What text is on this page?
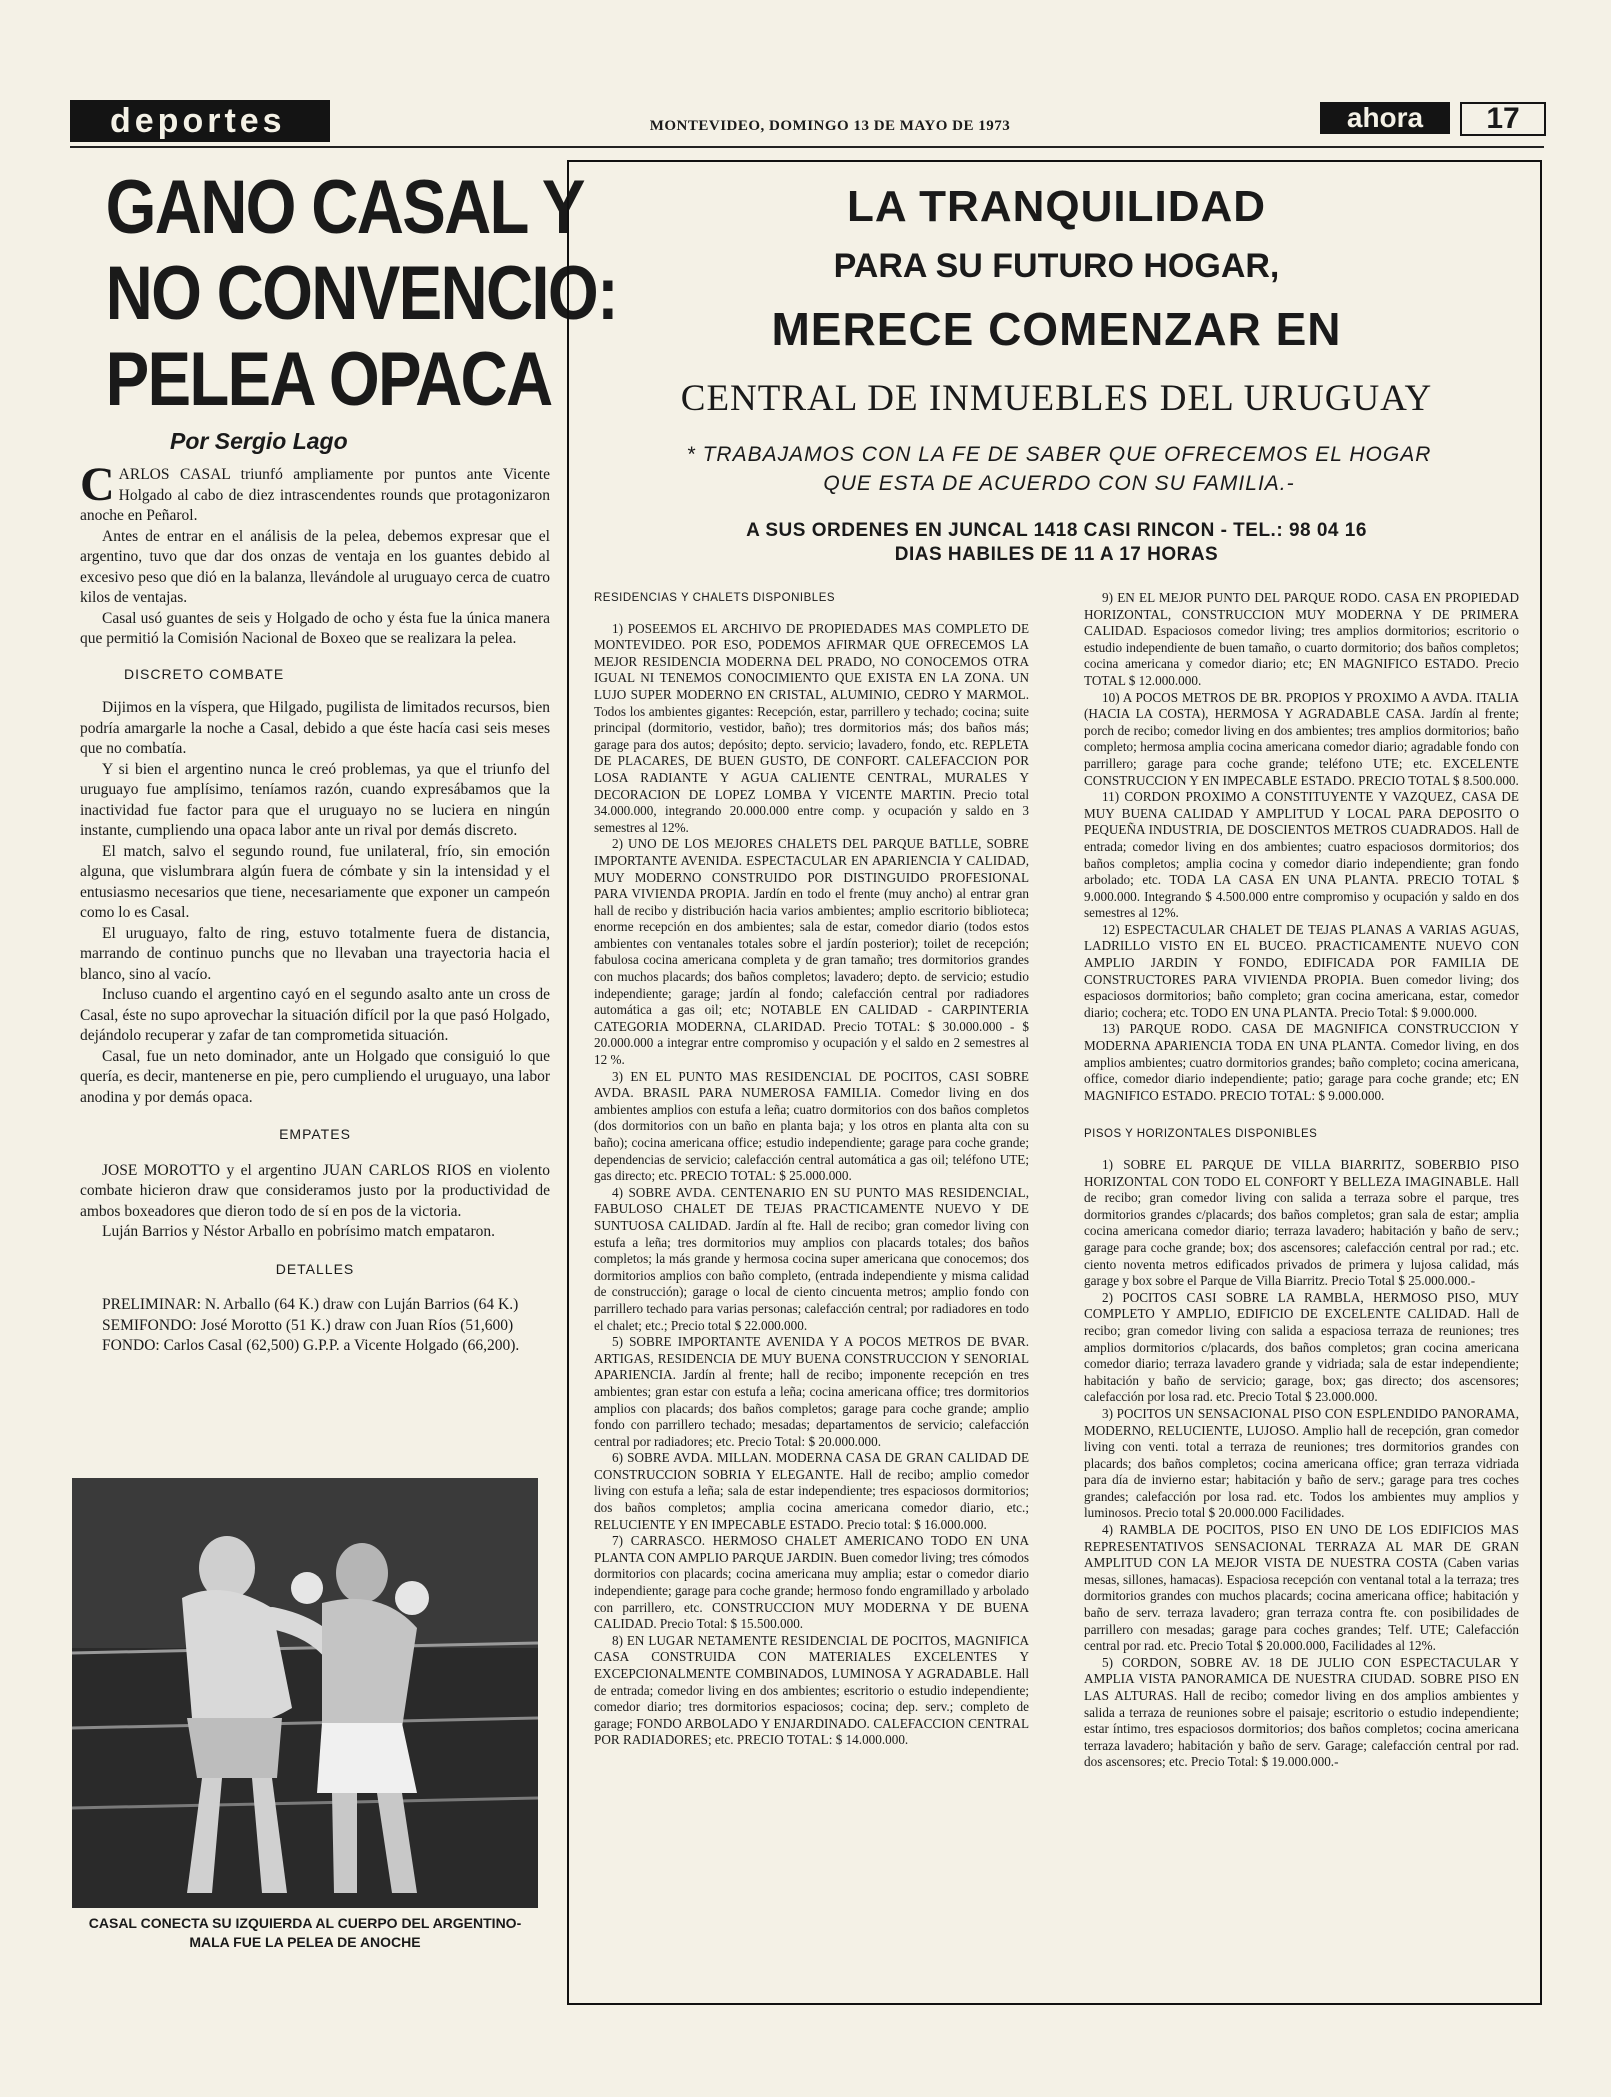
deportes	MONTEVIDEO, DOMINGO 13 DE MAYO DE 1973	ahora	17
GANO CASAL Y
NO CONVENCIO:
PELEA OPACA
Por Sergio Lago

CARLOS CASAL triunfó ampliamente por puntos ante Vicente Holgado al cabo de diez intrascendentes rounds que protagonizaron anoche en Peñarol.

Antes de entrar en el análisis de la pelea, debemos expresar que el argentino, tuvo que dar dos onzas de ventaja en los guantes debido al excesivo peso que dió en la balanza, llevándole al uruguayo cerca de cuatro kilos de ventajas.

Casal usó guantes de seis y Holgado de ocho y ésta fue la única manera que permitió la Comisión Nacional de Boxeo que se realizara la pelea.

DISCRETO COMBATE

Dijimos en la víspera, que Hilgado, pugilista de limitados recursos, bien podría amargarle la noche a Casal, debido a que éste hacía casi seis meses que no combatía.

Y si bien el argentino nunca le creó problemas, ya que el triunfo del uruguayo fue amplísimo, teníamos razón, cuando expresábamos que la inactividad fue factor para que el uruguayo no se luciera en ningún instante, cumpliendo una opaca labor ante un rival por demás discreto.

El match, salvo el segundo round, fue unilateral, frío, sin emoción alguna, que vislumbrara algún fuera de cómbate y sin la intensidad y el entusiasmo necesarios que tiene, necesariamente que exponer un campeón como lo es Casal.

El uruguayo, falto de ring, estuvo totalmente fuera de distancia, marrando de continuo punchs que no llevaban una trayectoria hacia el blanco, sino al vacío.

Incluso cuando el argentino cayó en el segundo asalto ante un cross de Casal, éste no supo aprovechar la situación difícil por la que pasó Holgado, dejándolo recuperar y zafar de tan comprometida situación.

Casal, fue un neto dominador, ante un Holgado que consiguió lo que quería, es decir, mantenerse en pie, pero cumpliendo el uruguayo, una labor anodina y por demás opaca.

EMPATES

JOSE MOROTTO y el argentino JUAN CARLOS RIOS en violento combate hicieron draw que consideramos justo por la productividad de ambos boxeadores que dieron todo de sí en pos de la victoria.

Luján Barrios y Néstor Arballo en pobrísimo match empataron.

DETALLES

PRELIMINAR: N. Arballo (64 K.) draw con Luján Barrios (64 K.)

SEMIFONDO: José Morotto (51 K.) draw con Juan Ríos (51,600)

FONDO: Carlos Casal (62,500) G.P.P. a Vicente Holgado (66,200).

CASAL CONECTA SU IZQUIERDA AL CUERPO DEL ARGENTINO- MALA FUE LA PELEA DE ANOCHE
LA TRANQUILIDAD
PARA SU FUTURO HOGAR,
MERECE COMENZAR EN
CENTRAL DE INMUEBLES DEL URUGUAY
* TRABAJAMOS CON LA FE DE SABER QUE OFRECEMOS EL HOGAR
QUE ESTA DE ACUERDO CON SU FAMILIA.-
A SUS ORDENES EN JUNCAL 1418 CASI RINCON - TEL.: 98 04 16
DIAS HABILES DE 11 A 17 HORAS

RESIDENCIAS Y CHALETS DISPONIBLES

1) POSEEMOS EL ARCHIVO DE PROPIEDADES MAS COMPLETO DE MONTEVIDEO. POR ESO, PODEMOS AFIRMAR QUE OFRECEMOS LA MEJOR RESIDENCIA MODERNA DEL PRADO, NO CONOCEMOS OTRA IGUAL NI TENEMOS CONOCIMIENTO QUE EXISTA EN LA ZONA. UN LUJO SUPER MODERNO EN CRISTAL, ALUMINIO, CEDRO Y MARMOL. Todos los ambientes gigantes: Recepción, estar, parrillero y techado; cocina; suite principal (dormitorio, vestidor, baño); tres dormitorios más; dos baños más; garage para dos autos; depósito; depto. servicio; lavadero, fondo, etc. REPLETA DE PLACARES, DE BUEN GUSTO, DE CONFORT. CALEFACCION POR LOSA RADIANTE Y AGUA CALIENTE CENTRAL, MURALES Y DECORACION DE LOPEZ LOMBA Y VICENTE MARTIN. Precio total 34.000.000, integrando 20.000.000 entre comp. y ocupación y saldo en 3 semestres al 12%.

2) UNO DE LOS MEJORES CHALETS DEL PARQUE BATLLE, SOBRE IMPORTANTE AVENIDA. ESPECTACULAR EN APARIENCIA Y CALIDAD, MUY MODERNO CONSTRUIDO POR DISTINGUIDO PROFESIONAL PARA VIVIENDA PROPIA. Jardín en todo el frente (muy ancho) al entrar gran hall de recibo y distribución hacia varios ambientes; amplio escritorio biblioteca; enorme recepción en dos ambientes; sala de estar, comedor diario (todos estos ambientes con ventanales totales sobre el jardín posterior); toilet de recepción; fabulosa cocina americana completa y de gran tamaño; tres dormitorios grandes con muchos placards; dos baños completos; lavadero; depto. de servicio; estudio independiente; garage; jardín al fondo; calefacción central por radiadores automática a gas oil; etc; NOTABLE EN CALIDAD - CARPINTERIA CATEGORIA MODERNA, CLARIDAD. Precio TOTAL: $ 30.000.000 - $ 20.000.000 a integrar entre compromiso y ocupación y el saldo en 2 semestres al 12 %.

3) EN EL PUNTO MAS RESIDENCIAL DE POCITOS, CASI SOBRE AVDA. BRASIL PARA NUMEROSA FAMILIA. Comedor living en dos ambientes amplios con estufa a leña; cuatro dormitorios con dos baños completos (dos dormitorios con un baño en planta baja; y los otros en planta alta con su baño); cocina americana office; estudio independiente; garage para coche grande; dependencias de servicio; calefacción central automática a gas oil; teléfono UTE; gas directo; etc. PRECIO TOTAL: $ 25.000.000.

4) SOBRE AVDA. CENTENARIO EN SU PUNTO MAS RESIDENCIAL, FABULOSO CHALET DE TEJAS PRACTICAMENTE NUEVO Y DE SUNTUOSA CALIDAD. Jardín al fte. Hall de recibo; gran comedor living con estufa a leña; tres dormitorios muy amplios con placards totales; dos baños completos; la más grande y hermosa cocina super americana que conocemos; dos dormitorios amplios con baño completo, (entrada independiente y misma calidad de construcción); garage o local de ciento cincuenta metros; amplio fondo con parrillero techado para varias personas; calefacción central; por radiadores en todo el chalet; etc.; Precio total $ 22.000.000.

5) SOBRE IMPORTANTE AVENIDA Y A POCOS METROS DE BVAR. ARTIGAS, RESIDENCIA DE MUY BUENA CONSTRUCCION Y SENORIAL APARIENCIA. Jardín al frente; hall de recibo; imponente recepción en tres ambientes; gran estar con estufa a leña; cocina americana office; tres dormitorios amplios con placards; dos baños completos; garage para coche grande; amplio fondo con parrillero techado; mesadas; departamentos de servicio; calefacción central por radiadores; etc. Precio Total: $ 20.000.000.

6) SOBRE AVDA. MILLAN. MODERNA CASA DE GRAN CALIDAD DE CONSTRUCCION SOBRIA Y ELEGANTE. Hall de recibo; amplio comedor living con estufa a leña; sala de estar independiente; tres espaciosos dormitorios; dos baños completos; amplia cocina americana comedor diario, etc.; RELUCIENTE Y EN IMPECABLE ESTADO. Precio total: $ 16.000.000.

7) CARRASCO. HERMOSO CHALET AMERICANO TODO EN UNA PLANTA CON AMPLIO PARQUE JARDIN. Buen comedor living; tres cómodos dormitorios con placards; cocina americana muy amplia; estar o comedor diario independiente; garage para coche grande; hermoso fondo engramillado y arbolado con parrillero, etc. CONSTRUCCION MUY MODERNA Y DE BUENA CALIDAD. Precio Total: $ 15.500.000.

8) EN LUGAR NETAMENTE RESIDENCIAL DE POCITOS, MAGNIFICA CASA CONSTRUIDA CON MATERIALES EXCELENTES Y EXCEPCIONALMENTE COMBINADOS, LUMINOSA Y AGRADABLE. Hall de entrada; comedor living en dos ambientes; escritorio o estudio independiente; comedor diario; tres dormitorios espaciosos; cocina; dep. serv.; completo de garage; FONDO ARBOLADO Y ENJARDINADO. CALEFACCION CENTRAL POR RADIADORES; etc. PRECIO TOTAL: $ 14.000.000.

9) EN EL MEJOR PUNTO DEL PARQUE RODO. CASA EN PROPIEDAD HORIZONTAL, CONSTRUCCION MUY MODERNA Y DE PRIMERA CALIDAD. Espaciosos comedor living; tres amplios dormitorios; escritorio o estudio independiente de buen tamaño, o cuarto dormitorio; dos baños completos; cocina americana y comedor diario; etc; EN MAGNIFICO ESTADO. Precio TOTAL $ 12.000.000.

10) A POCOS METROS DE BR. PROPIOS Y PROXIMO A AVDA. ITALIA (HACIA LA COSTA), HERMOSA Y AGRADABLE CASA. Jardín al frente; porch de recibo; comedor living en dos ambientes; tres amplios dormitorios; baño completo; hermosa amplia cocina americana comedor diario; agradable fondo con parrillero; garage para coche grande; teléfono UTE; etc. EXCELENTE CONSTRUCCION Y EN IMPECABLE ESTADO. PRECIO TOTAL $ 8.500.000.

11) CORDON PROXIMO A CONSTITUYENTE Y VAZQUEZ, CASA DE MUY BUENA CALIDAD Y AMPLITUD Y LOCAL PARA DEPOSITO O PEQUEÑA INDUSTRIA, DE DOSCIENTOS METROS CUADRADOS. Hall de entrada; comedor living en dos ambientes; cuatro espaciosos dormitorios; dos baños completos; amplia cocina y comedor diario independiente; gran fondo arbolado; etc. TODA LA CASA EN UNA PLANTA. PRECIO TOTAL $ 9.000.000. Integrando $ 4.500.000 entre compromiso y ocupación y saldo en dos semestres al 12%.

12) ESPECTACULAR CHALET DE TEJAS PLANAS A VARIAS AGUAS, LADRILLO VISTO EN EL BUCEO. PRACTICAMENTE NUEVO CON AMPLIO JARDIN Y FONDO, EDIFICADA POR FAMILIA DE CONSTRUCTORES PARA VIVIENDA PROPIA. Buen comedor living; dos espaciosos dormitorios; baño completo; gran cocina americana, estar, comedor diario; cochera; etc. TODO EN UNA PLANTA. Precio Total: $ 9.000.000.

13) PARQUE RODO. CASA DE MAGNIFICA CONSTRUCCION Y MODERNA APARIENCIA TODA EN UNA PLANTA. Comedor living, en dos amplios ambientes; cuatro dormitorios grandes; baño completo; cocina americana, office, comedor diario independiente; patio; garage para coche grande; etc; EN MAGNIFICO ESTADO. PRECIO TOTAL: $ 9.000.000.

PISOS Y HORIZONTALES DISPONIBLES

1) SOBRE EL PARQUE DE VILLA BIARRITZ, SOBERBIO PISO HORIZONTAL CON TODO EL CONFORT Y BELLEZA IMAGINABLE. Hall de recibo; gran comedor living con salida a terraza sobre el parque, tres dormitorios grandes c/placards; dos baños completos; gran sala de estar; amplia cocina americana comedor diario; terraza lavadero; habitación y baño de serv.; garage para coche grande; box; dos ascensores; calefacción central por rad.; etc. ciento noventa metros edificados privados de primera y lujosa calidad, más garage y box sobre el Parque de Villa Biarritz. Precio Total $ 25.000.000.-

2) POCITOS CASI SOBRE LA RAMBLA, HERMOSO PISO, MUY COMPLETO Y AMPLIO, EDIFICIO DE EXCELENTE CALIDAD. Hall de recibo; gran comedor living con salida a espaciosa terraza de reuniones; tres amplios dormitorios c/placards, dos baños completos; gran cocina americana comedor diario; terraza lavadero grande y vidriada; sala de estar independiente; habitación y baño de servicio; garage, box; gas directo; dos ascensores; calefacción por losa rad. etc. Precio Total $ 23.000.000.

3) POCITOS UN SENSACIONAL PISO CON ESPLENDIDO PANORAMA, MODERNO, RELUCIENTE, LUJOSO. Amplio hall de recepción, gran comedor living con venti. total a terraza de reuniones; tres dormitorios grandes con placards; dos baños completos; cocina americana office; gran terraza vidriada para día de invierno estar; habitación y baño de serv.; garage para tres coches grandes; calefacción por losa rad. etc. Todos los ambientes muy amplios y luminosos. Precio total $ 20.000.000 Facilidades.

4) RAMBLA DE POCITOS, PISO EN UNO DE LOS EDIFICIOS MAS REPRESENTATIVOS SENSACIONAL TERRAZA AL MAR DE GRAN AMPLITUD CON LA MEJOR VISTA DE NUESTRA COSTA (Caben varias mesas, sillones, hamacas). Espaciosa recepción con ventanal total a la terraza; tres dormitorios grandes con muchos placards; cocina americana office; habitación y baño de serv. terraza lavadero; gran terraza contra fte. con posibilidades de parrillero con mesadas; garage para coches grandes; Telf. UTE; Calefacción central por rad. etc. Precio Total $ 20.000.000, Facilidades al 12%.

5) CORDON, SOBRE AV. 18 DE JULIO CON ESPECTACULAR Y AMPLIA VISTA PANORAMICA DE NUESTRA CIUDAD. SOBRE PISO EN LAS ALTURAS. Hall de recibo; comedor living en dos amplios ambientes y salida a terraza de reuniones sobre el paisaje; escritorio o estudio independiente; estar íntimo, tres espaciosos dormitorios; dos baños completos; cocina americana terraza lavadero; habitación y baño de serv. Garage; calefacción central por rad. dos ascensores; etc. Precio Total: $ 19.000.000.-
